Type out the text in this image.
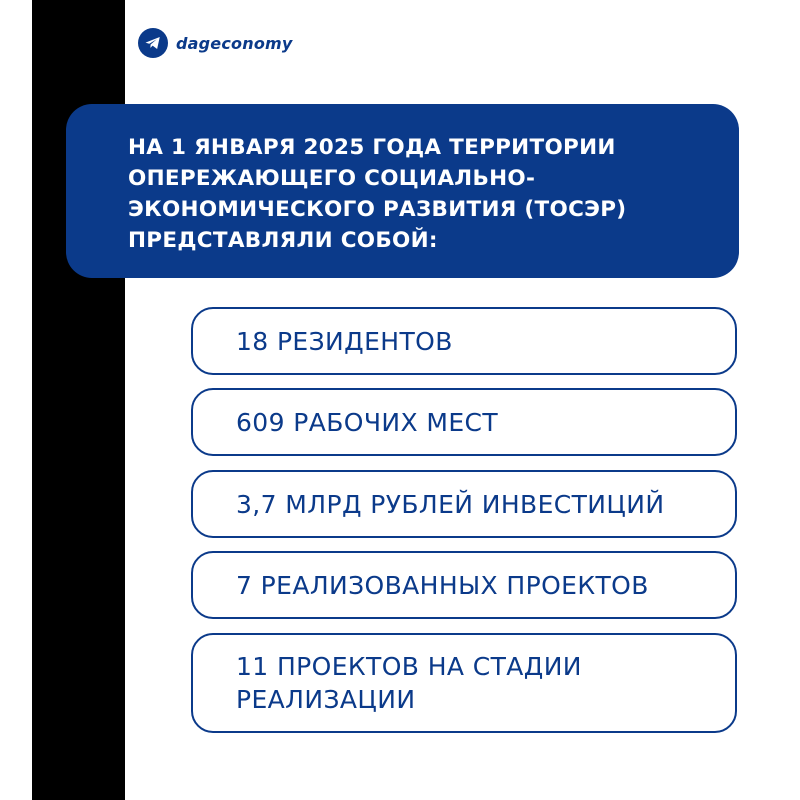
dageconomy
НА 1 ЯНВАРЯ 2025 ГОДА ТЕРРИТОРИИ
ОПЕРЕЖАЮЩЕГО СОЦИАЛЬНО-
ЭКОНОМИЧЕСКОГО РАЗВИТИЯ (ТОСЭР)
ПРЕДСТАВЛЯЛИ СОБОЙ:
18 РЕЗИДЕНТОВ
609 РАБОЧИХ МЕСТ
3,7 МЛРД РУБЛЕЙ ИНВЕСТИЦИЙ
7 РЕАЛИЗОВАННЫХ ПРОЕКТОВ
11 ПРОЕКТОВ НА СТАДИИ
РЕАЛИЗАЦИИ
